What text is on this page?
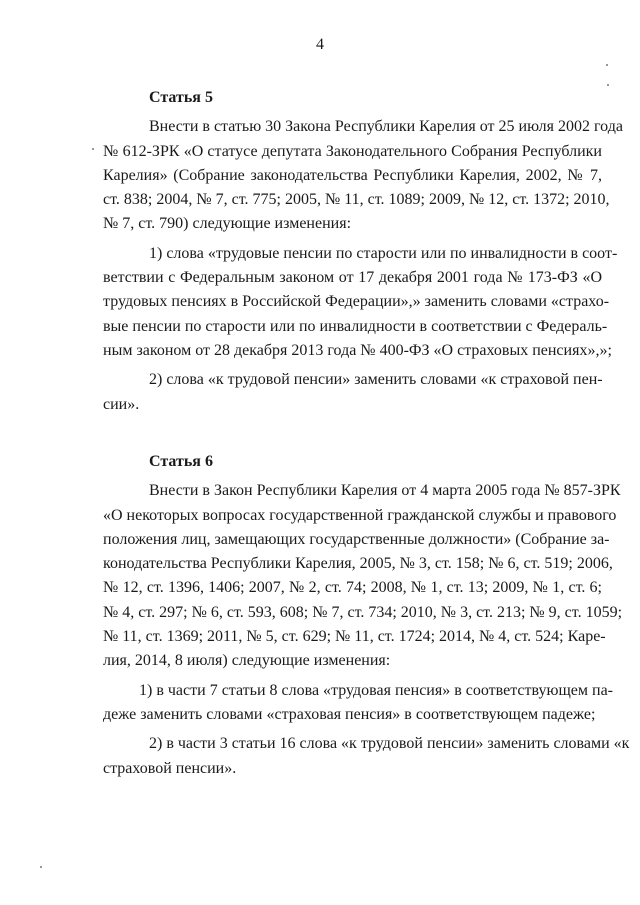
4
Статья 5
Внести в статью 30 Закона Республики Карелия от 25 июля 2002 года
№ 612-ЗРК «О статусе депутата Законодательного Собрания Республики
Карелия» (Собрание законодательства Республики Карелия, 2002, № 7,
ст. 838; 2004, № 7, ст. 775; 2005, № 11, ст. 1089; 2009, № 12, ст. 1372; 2010,
№ 7, ст. 790) следующие изменения:
1) слова «трудовые пенсии по старости или по инвалидности в соот-
ветствии с Федеральным законом от 17 декабря 2001 года № 173-ФЗ «О
трудовых пенсиях в Российской Федерации»,» заменить словами «страхо-
вые пенсии по старости или по инвалидности в соответствии с Федераль-
ным законом от 28 декабря 2013 года № 400-ФЗ «О страховых пенсиях»,»;
2) слова «к трудовой пенсии» заменить словами «к страховой пен-
сии».
Статья 6
Внести в Закон Республики Карелия от 4 марта 2005 года № 857-ЗРК
«О некоторых вопросах государственной гражданской службы и правового
положения лиц, замещающих государственные должности» (Собрание за-
конодательства Республики Карелия, 2005, № 3, ст. 158; № 6, ст. 519; 2006,
№ 12, ст. 1396, 1406; 2007, № 2, ст. 74; 2008, № 1, ст. 13; 2009, № 1, ст. 6;
№ 4, ст. 297; № 6, ст. 593, 608; № 7, ст. 734; 2010, № 3, ст. 213; № 9, ст. 1059;
№ 11, ст. 1369; 2011, № 5, ст. 629; № 11, ст. 1724; 2014, № 4, ст. 524; Каре-
лия, 2014, 8 июля) следующие изменения:
1) в части 7 статьи 8 слова «трудовая пенсия» в соответствующем па-
деже заменить словами «страховая пенсия» в соответствующем падеже;
2) в части 3 статьи 16 слова «к трудовой пенсии» заменить словами «к
страховой пенсии».
